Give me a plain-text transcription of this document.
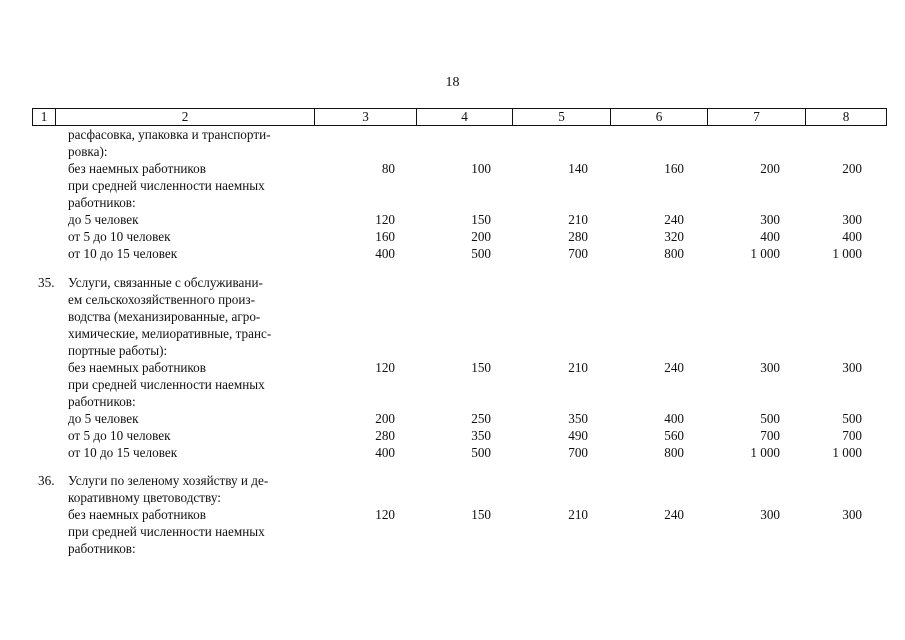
18
1	2	3	4	5	6	7	8
расфасовка, упаковка и транспорти-
ровка):
без наемных работников	80	100	140	160	200	200
при средней численности наемных
работников:
до 5 человек	120	150	210	240	300	300
от 5 до 10 человек	160	200	280	320	400	400
от 10 до 15 человек	400	500	700	800	1 000	1 000
35. Услуги, связанные с обслуживани-
ем сельскохозяйственного произ-
водства (механизированные, агро-
химические, мелиоративные, транс-
портные работы):
без наемных работников	120	150	210	240	300	300
при средней численности наемных
работников:
до 5 человек	200	250	350	400	500	500
от 5 до 10 человек	280	350	490	560	700	700
от 10 до 15 человек	400	500	700	800	1 000	1 000
36. Услуги по зеленому хозяйству и де-
коративному цветоводству:
без наемных работников	120	150	210	240	300	300
при средней численности наемных
работников:
